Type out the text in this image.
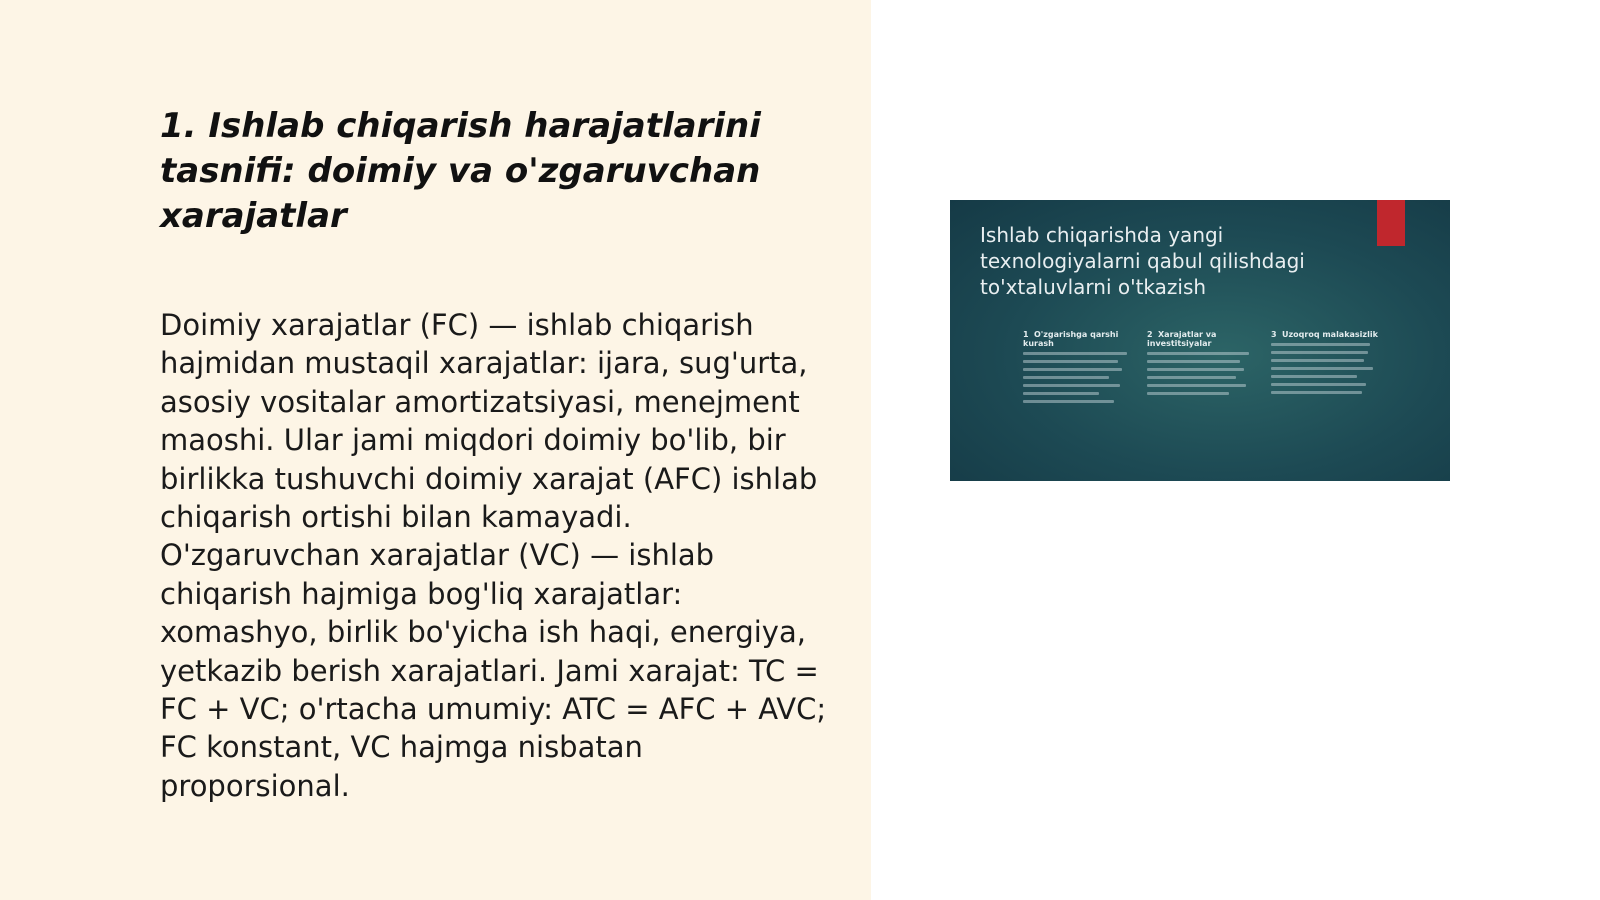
1. Ishlab chiqarish harajatlarini tasnifi: doimiy va o'zgaruvchan xarajatlar

Doimiy xarajatlar (FC) — ishlab chiqarish hajmidan mustaqil xarajatlar: ijara, sug'urta, asosiy vositalar amortizatsiyasi, menejment maoshi. Ular jami miqdori doimiy bo'lib, bir birlikka tushuvchi doimiy xarajat (AFC) ishlab chiqarish ortishi bilan kamayadi.

O'zgaruvchan xarajatlar (VC) — ishlab chiqarish hajmiga bog'liq xarajatlar: xomashyo, birlik bo'yicha ish haqi, energiya, yetkazib berish xarajatlari. Jami xarajat: TC = FC + VC; o'rtacha umumiy: ATC = AFC + AVC; FC konstant, VC hajmga nisbatan proporsional.

Ishlab chiqarishda yangi texnologiyalarni qabul qilishdagi to'xtaluvlarni o'tkazish

1 O'zgarishga qarshi kurash

2 Xarajatlar va investitsiyalar

3 Uzoqroq malakasizlik
